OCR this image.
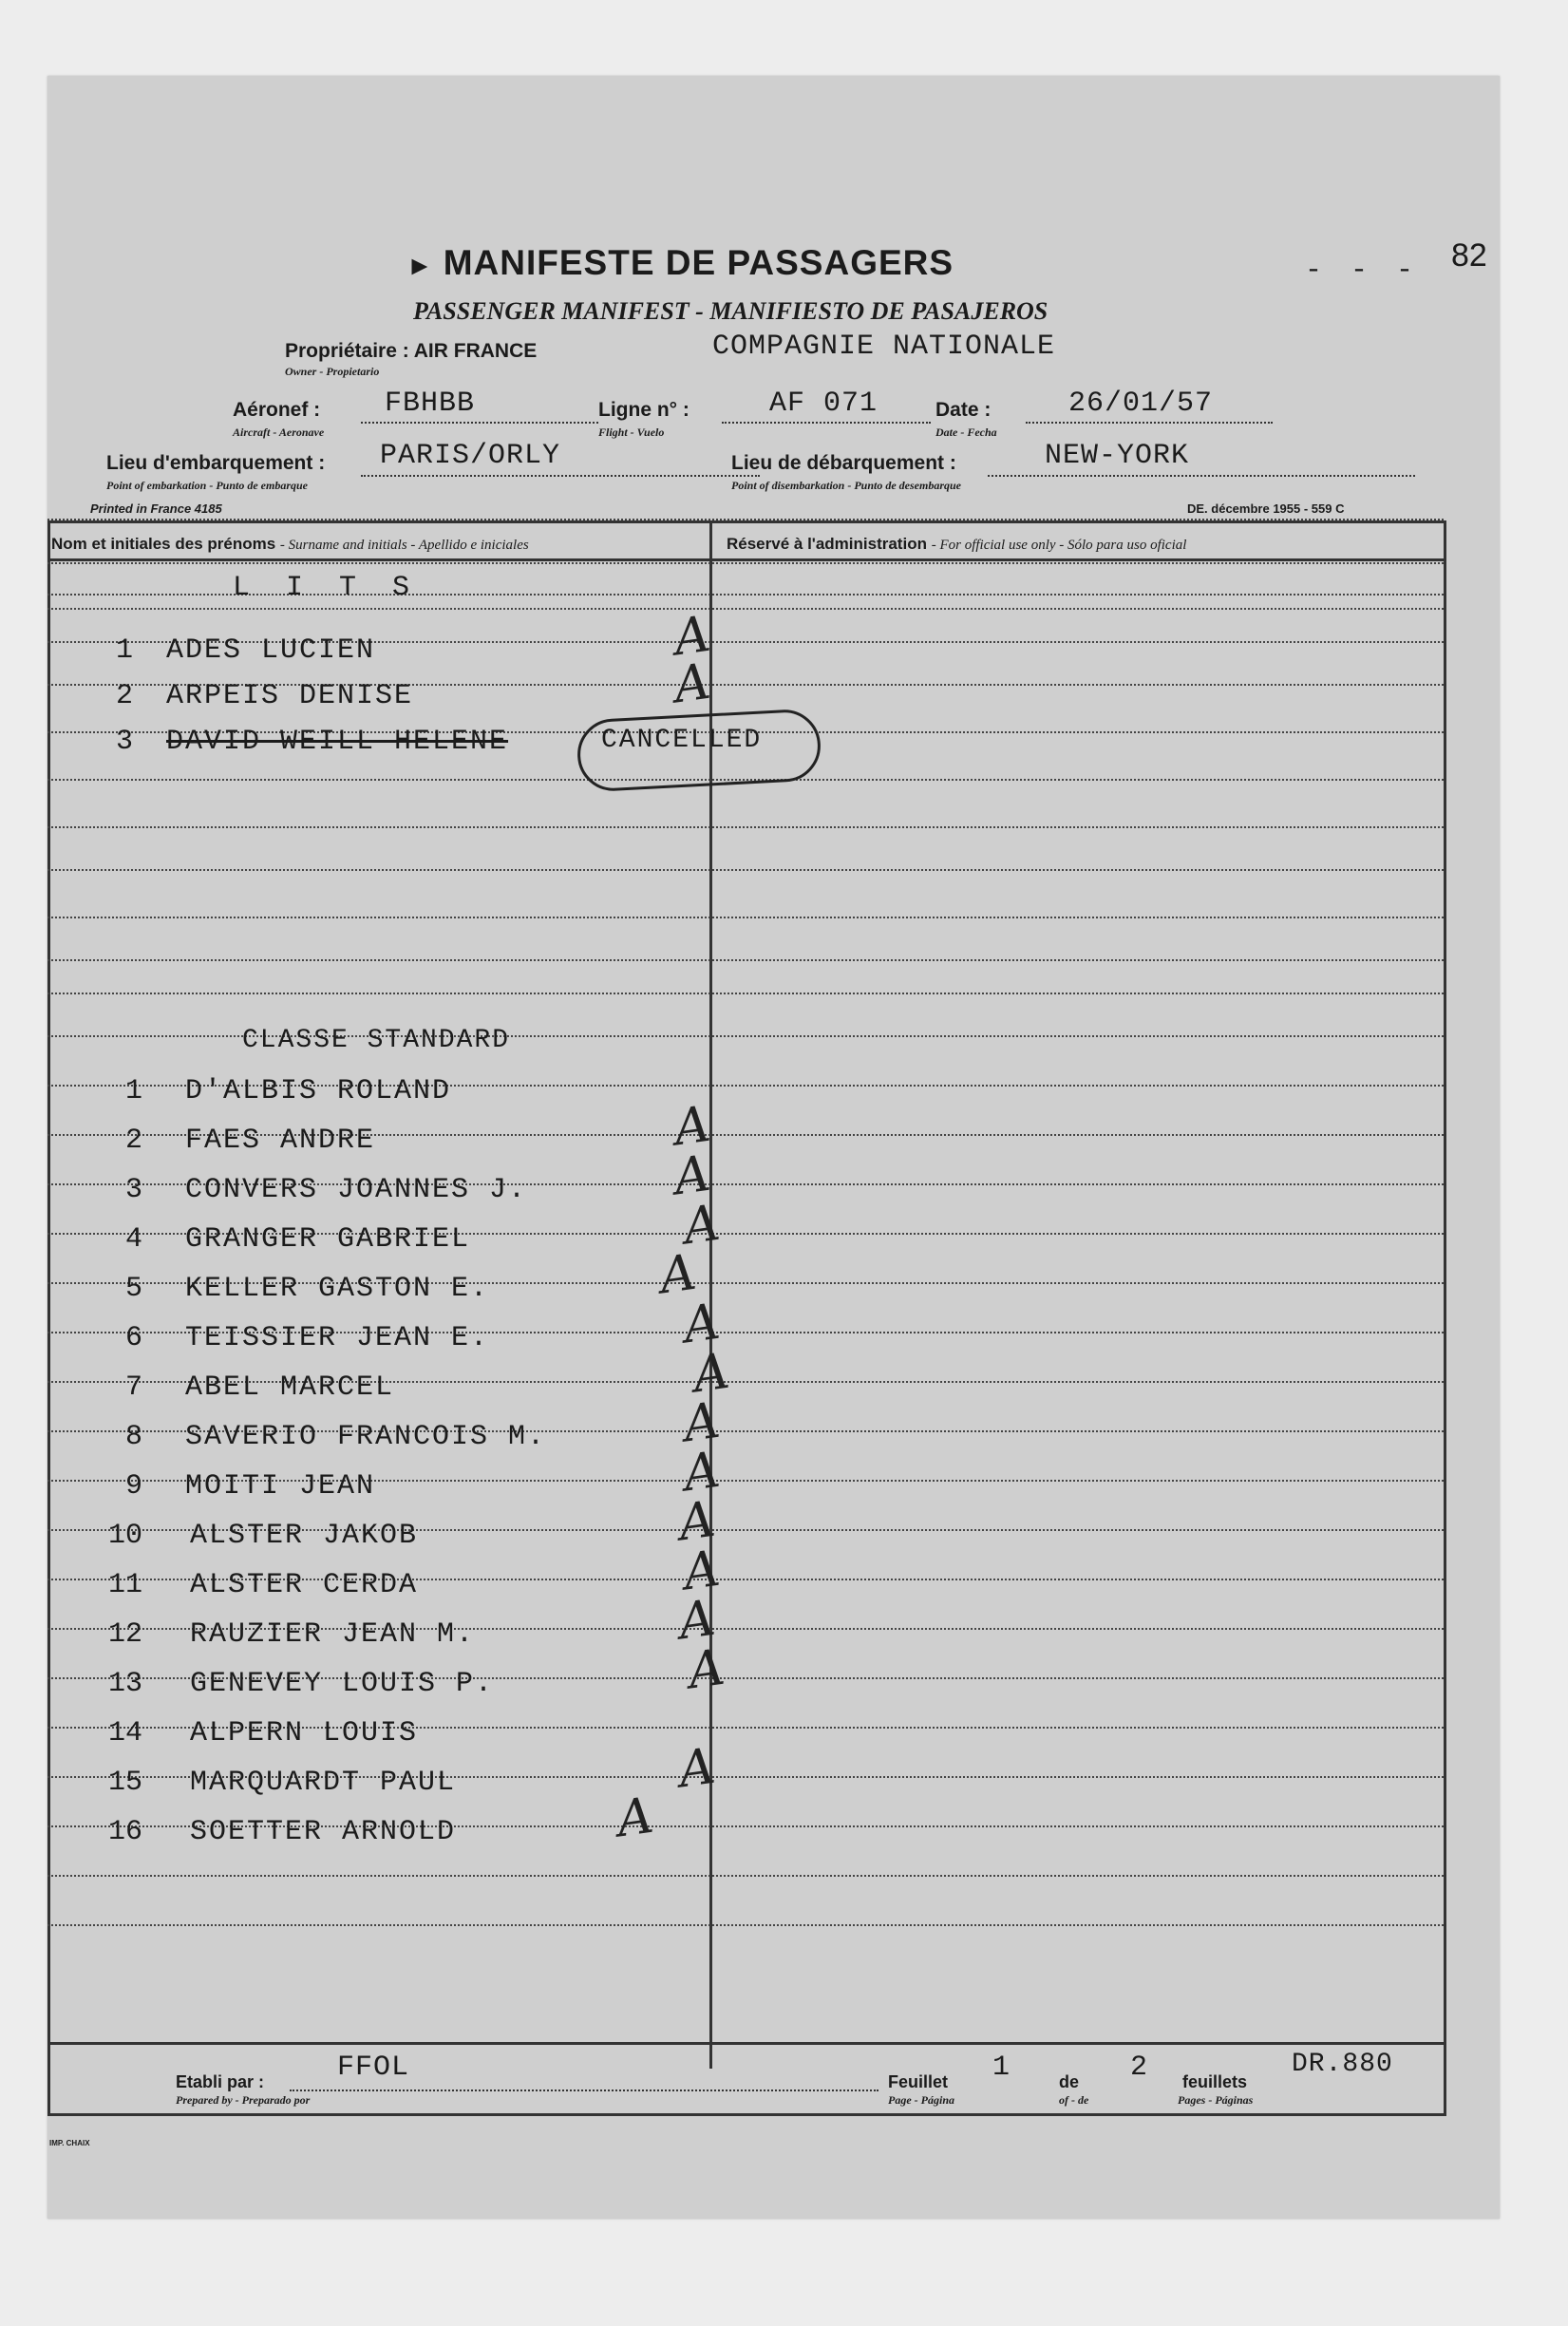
82
- - -
► MANIFESTE DE PASSAGERS
PASSENGER MANIFEST - MANIFIESTO DE PASAJEROS
Propriétaire : AIR FRANCE
Owner - Propietario
COMPAGNIE NATIONALE
Aéronef :
Aircraft - Aeronave
FBHBB	Ligne n° :
Flight - Vuelo
AF 071	Date :
Date - Fecha
26/01/57
Lieu d'embarquement :
Point of embarkation - Punto de embarque
PARIS/ORLY	Lieu de débarquement :
Point of disembarkation - Punto de desembarque
NEW-YORK
Printed in France 4185	DE. décembre 1955 - 559 C
Nom et initiales des prénoms - Surname and initials - Apellido e iniciales	Réservé à l'administration - For official use only - Sólo para uso oficial
L I T S
1 ADES LUCIEN	A
2 ARPEIS DENISE	A
3 DAVID-WEILL HELENE	CANCELLED
CLASSE STANDARD
1 D'ALBIS ROLAND
2 FAES ANDRE	A
3 CONVERS JOANNES J.	A
4 GRANGER GABRIEL	A
5 KELLER GASTON E.	A
6 TEISSIER JEAN E.	A
7 ABEL MARCEL	A
8 SAVERIO FRANCOIS M.	A
9 MOITI JEAN	A
10 ALSTER JAKOB	A
11 ALSTER CERDA	A
12 RAUZIER JEAN M.	A
13 GENEVEY LOUIS P.	A
14 ALPERN LOUIS
15 MARQUARDT PAUL	A
16 SOETTER ARNOLD	A
Etabli par :
Prepared by - Preparado por
FFOL	Feuillet
Page - Página
1	de
of - de
2 feuillets
Pages - Páginas
DR.880
IMP. CHAIX
